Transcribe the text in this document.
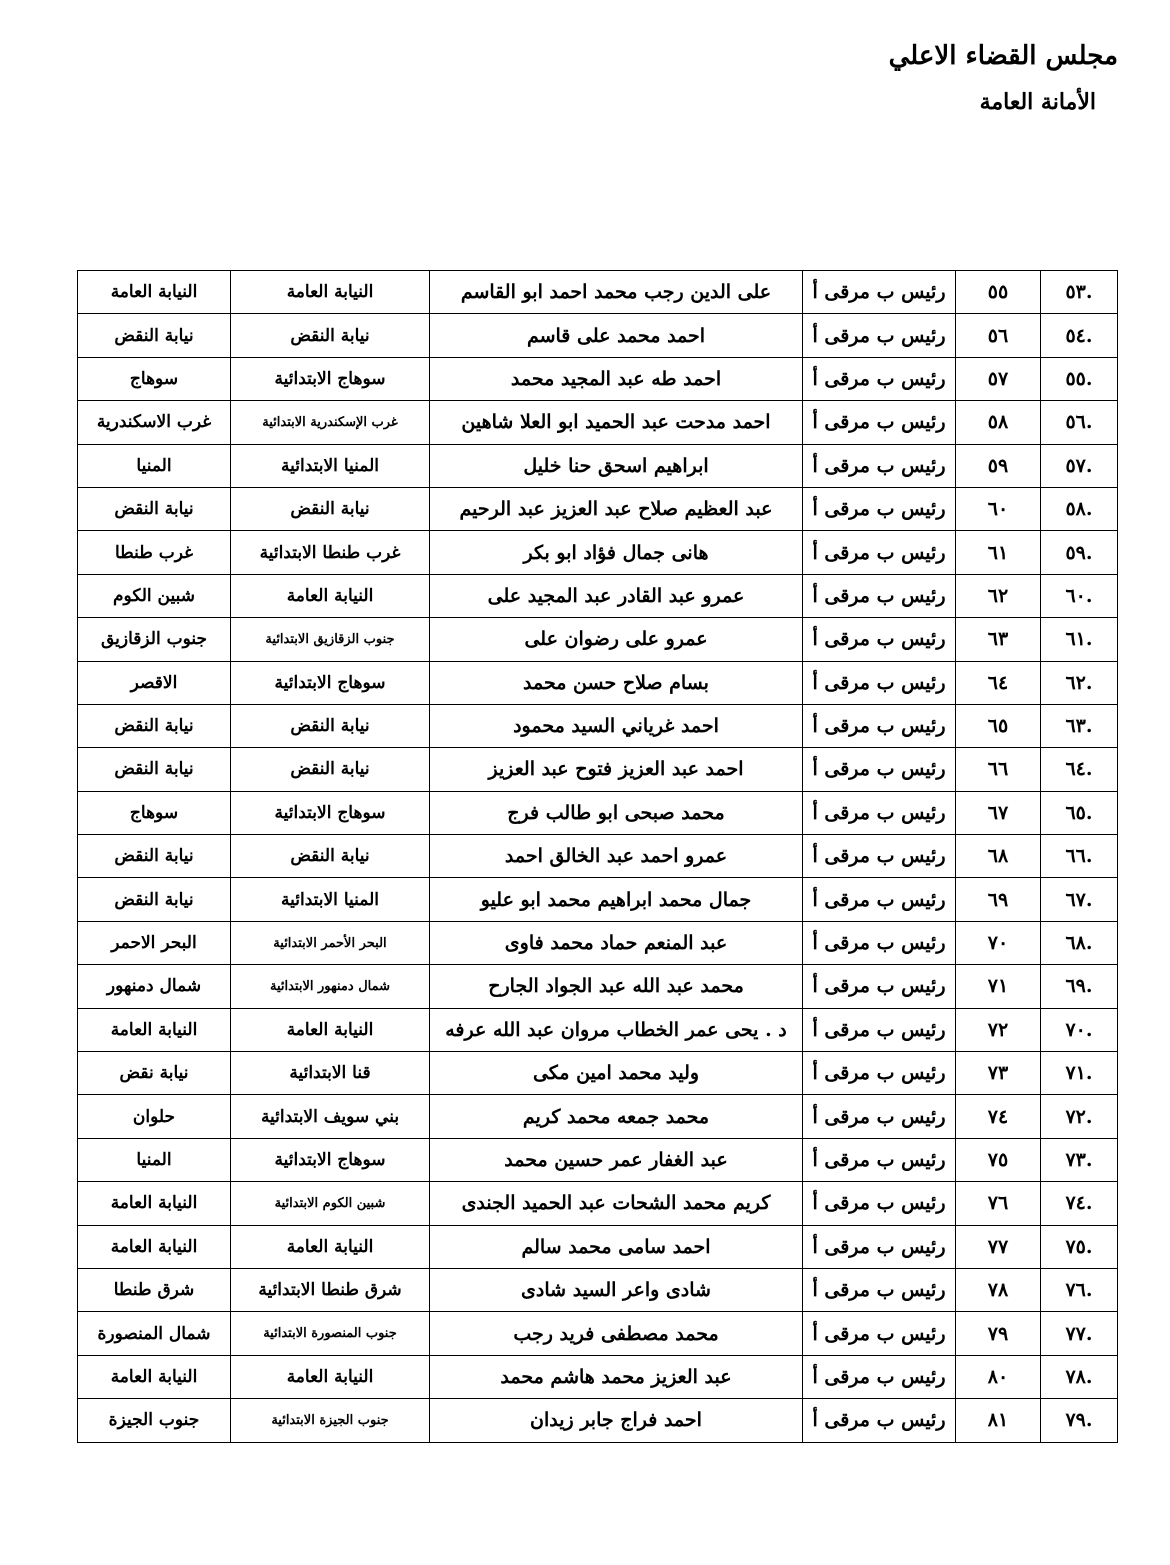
مجلس القضاء الاعلي
الأمانة العامة
.٥٣	٥٥	رئيس ب مرقى أ	على الدين رجب محمد احمد ابو القاسم	النيابة العامة	النيابة العامة
.٥٤	٥٦	رئيس ب مرقى أ	احمد محمد على قاسم	نيابة النقض	نيابة النقض
.٥٥	٥٧	رئيس ب مرقى أ	احمد طه عبد المجيد محمد	سوهاج الابتدائية	سوهاج
.٥٦	٥٨	رئيس ب مرقى أ	احمد مدحت عبد الحميد ابو العلا شاهين	غرب الإسكندرية الابتدائية	غرب الاسكندرية
.٥٧	٥٩	رئيس ب مرقى أ	ابراهيم اسحق حنا خليل	المنيا الابتدائية	المنيا
.٥٨	٦٠	رئيس ب مرقى أ	عبد العظيم صلاح عبد العزيز عبد الرحيم	نيابة النقض	نيابة النقض
.٥٩	٦١	رئيس ب مرقى أ	هانى جمال فؤاد ابو بكر	غرب طنطا الابتدائية	غرب طنطا
.٦٠	٦٢	رئيس ب مرقى أ	عمرو عبد القادر عبد المجيد على	النيابة العامة	شبين الكوم
.٦١	٦٣	رئيس ب مرقى أ	عمرو على رضوان على	جنوب الزقازيق الابتدائية	جنوب الزقازيق
.٦٢	٦٤	رئيس ب مرقى أ	بسام صلاح حسن محمد	سوهاج الابتدائية	الاقصر
.٦٣	٦٥	رئيس ب مرقى أ	احمد غرياني السيد محمود	نيابة النقض	نيابة النقض
.٦٤	٦٦	رئيس ب مرقى أ	احمد عبد العزيز فتوح عبد العزيز	نيابة النقض	نيابة النقض
.٦٥	٦٧	رئيس ب مرقى أ	محمد صبحى ابو طالب فرج	سوهاج الابتدائية	سوهاج
.٦٦	٦٨	رئيس ب مرقى أ	عمرو احمد عبد الخالق احمد	نيابة النقض	نيابة النقض
.٦٧	٦٩	رئيس ب مرقى أ	جمال محمد ابراهيم محمد ابو عليو	المنيا الابتدائية	نيابة النقض
.٦٨	٧٠	رئيس ب مرقى أ	عبد المنعم حماد محمد فاوى	البحر الأحمر الابتدائية	البحر الاحمر
.٦٩	٧١	رئيس ب مرقى أ	محمد عبد الله عبد الجواد الجارح	شمال دمنهور الابتدائية	شمال دمنهور
.٧٠	٧٢	رئيس ب مرقى أ	د . يحى عمر الخطاب مروان عبد الله عرفه	النيابة العامة	النيابة العامة
.٧١	٧٣	رئيس ب مرقى أ	وليد محمد امين مكى	قنا الابتدائية	نيابة نقض
.٧٢	٧٤	رئيس ب مرقى أ	محمد جمعه محمد كريم	بني سويف الابتدائية	حلوان
.٧٣	٧٥	رئيس ب مرقى أ	عبد الغفار عمر حسين محمد	سوهاج الابتدائية	المنيا
.٧٤	٧٦	رئيس ب مرقى أ	كريم محمد الشحات عبد الحميد الجندى	شبين الكوم الابتدائية	النيابة العامة
.٧٥	٧٧	رئيس ب مرقى أ	احمد سامى محمد سالم	النيابة العامة	النيابة العامة
.٧٦	٧٨	رئيس ب مرقى أ	شادى واعر السيد شادى	شرق طنطا الابتدائية	شرق طنطا
.٧٧	٧٩	رئيس ب مرقى أ	محمد مصطفى فريد رجب	جنوب المنصورة الابتدائية	شمال المنصورة
.٧٨	٨٠	رئيس ب مرقى أ	عبد العزيز محمد هاشم محمد	النيابة العامة	النيابة العامة
.٧٩	٨١	رئيس ب مرقى أ	احمد فراج جابر زيدان	جنوب الجيزة الابتدائية	جنوب الجيزة
